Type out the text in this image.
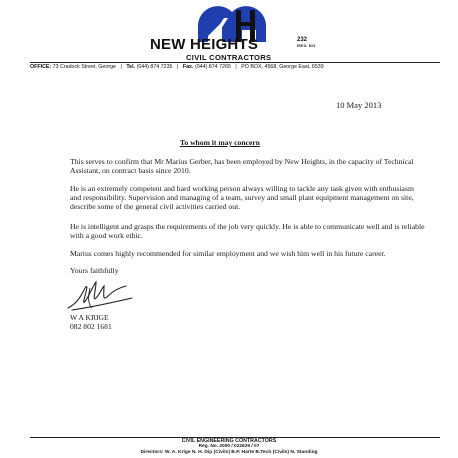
NEW HEIGHTS	232
REG NO
CIVIL CONTRACTORS
OFFICE: 73 Cradock Street, George | Tel. (044) 874 7235 | Fax. (044) 874 7265 | PO BOX, 4568, George East, 6539
10 May 2013
To whom it may concern
This serves to confirm that Mr Marius Gerber, has been employed by New Heights, in the capacity of Technical Assistant, on contract basis since 2010.
He is an extremely competent and hard working person always willing to tackle any task given with enthusiasm and responsibility. Supervision and managing of a team, survey and small plant equipment management on site, describe some of the general civil activities carried out.
He is intelligent and grasps the requirements of the job very quickly. He is able to communicate well and is reliable with a good work ethic.
Marius comes highly recommended for similar employment and we wish him well in his future career.
Yours faithfully
W A KRIGE
082 802 1681
CIVIL ENGINEERING CONTRACTORS
Reg. No. 2000 / 022629 / 07
Directors: W. A. Krige N. H. Dip (Civils) B.P. Harte B.Tech (Civils) N. Standing
